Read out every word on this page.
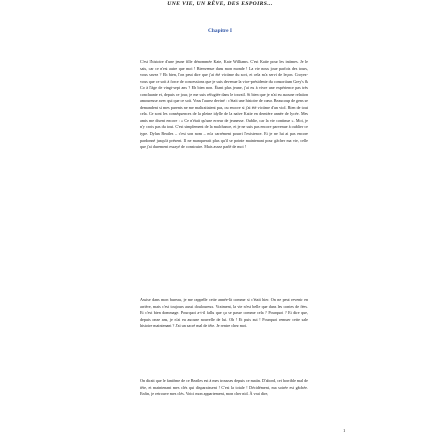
UNE VIE, UN RÊVE, DES ESPOIRS...
Chapitre I

C'est l'histoire d'une jeune fille dénommée Kate, Kate Williams. C'est Katie pour les intimes. Je le sais, car ce n'est autre que moi ! Bienvenue dans mon monde ! La vie nous joue parfois des tours, vous savez ? Eh bien, l'on peut dire que j'ai été victime du sort, et cela m'a servi de leçon. Croyez-vous que ce soit à force de concessions que je suis devenue la vice-présidente du consortium Grey's & Co à l'âge de vingt-sept ans ? Eh bien non. Étant plus jeune, j'ai eu à vivre une expérience pas très concluante et, depuis ce jour, je me suis réfugiée dans le travail. Si bien que je n'ai eu aucune relation amoureuse avec qui que ce soit. Vous l'aurez deviné : c'était une histoire de cœur. Beaucoup de gens se demandent si mes parents ne me maltraitaient pas, ou encore si j'ai été victime d'un viol. Rien de tout cela. Ce sont les conséquences de la pleine idylle de la naïve Katie en dernière année de lycée. Mes amis me disent encore : « Ce n'était qu'une erreur de jeunesse. Oublie, car la vie continue ». Moi, je n'y crois pas du tout. C'est simplement de la malchance, et je ne suis pas encore parvenue à oublier ce type. Dylan Beatles – c'est son nom – m'a carrément pourri l'existence. Et je ne lui ai pas encore pardonné jusqu'à présent. Il ne manquerait plus qu'il se pointe maintenant pour gâcher ma vie, celle que j'ai durement essayé de construire. Mais assez parlé de moi !

Assise dans mon bureau, je me rappelle cette année-là comme si c'était hier. On ne peut revenir en arrière, mais c'est toujours aussi douloureux. Vraiment, la vie n'est belle que dans les contes de fées. Et c'est bien dommage. Pourquoi a-t-il fallu que ça se passe comme cela ? Pourquoi ? Et dire que, depuis onze ans, je n'ai eu aucune nouvelle de lui. Oh ! Et puis zut ! Pourquoi remuer cette sale histoire maintenant ? J'ai un sacré mal de tête. Je rentre chez moi.

On dirait que le fantôme de ce Beatles est à mes trousses depuis ce matin. D'abord, cet horrible mal de tête, et maintenant mes clés qui disparaissent ! C'est la totale ! Décidément, ma soirée est gâchée. Enfin, je retrouve mes clés. Voici mon appartement, mon cher nid. À vrai dire,

1
